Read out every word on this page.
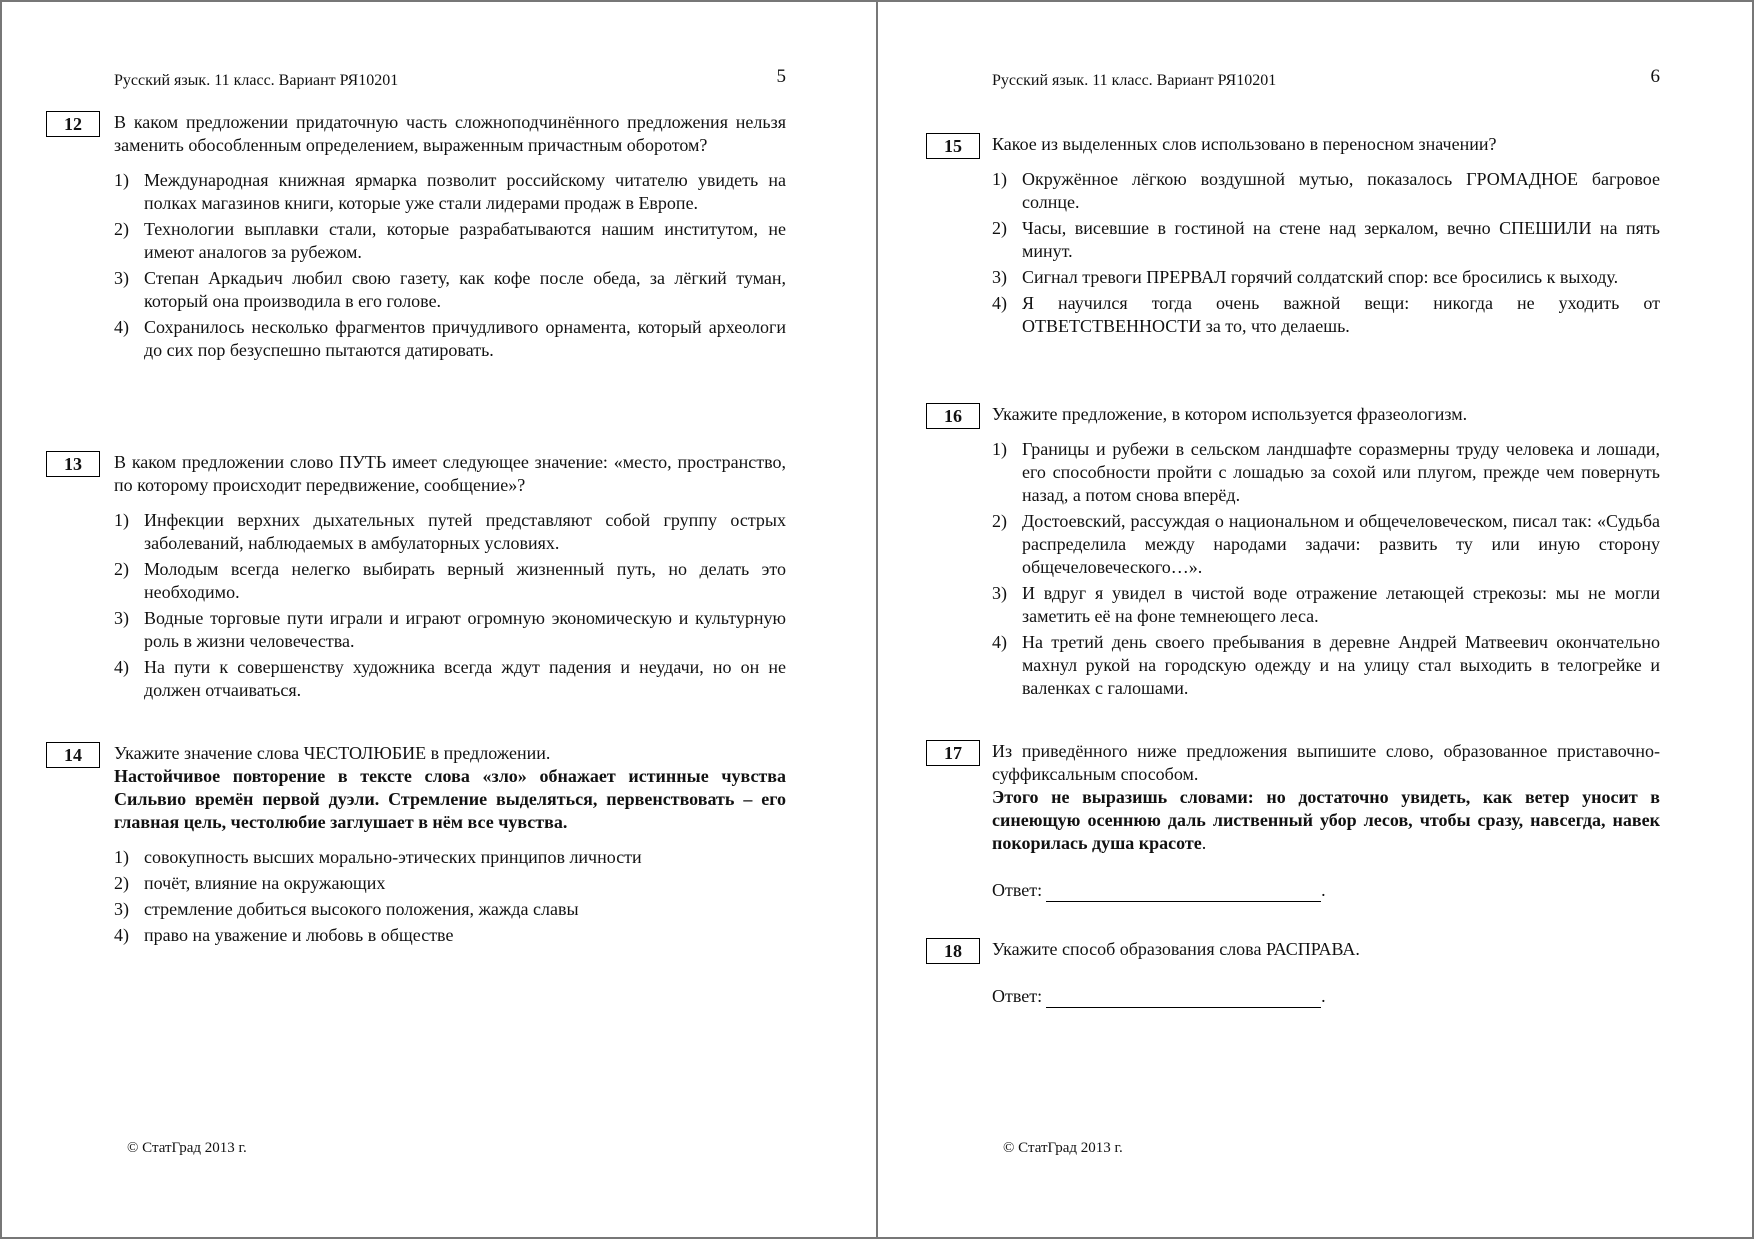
Русский язык. 11 класс. Вариант РЯ10201	5
12	В каком предложении придаточную часть сложноподчинённого предложения нельзя заменить обособленным определением, выраженным причастным оборотом?
1) Международная книжная ярмарка позволит российскому читателю увидеть на полках магазинов книги, которые уже стали лидерами продаж в Европе.
2) Технологии выплавки стали, которые разрабатываются нашим институтом, не имеют аналогов за рубежом.
3) Степан Аркадьич любил свою газету, как кофе после обеда, за лёгкий туман, который она производила в его голове.
4) Сохранилось несколько фрагментов причудливого орнамента, который археологи до сих пор безуспешно пытаются датировать.
13	В каком предложении слово ПУТЬ имеет следующее значение: «место, пространство, по которому происходит передвижение, сообщение»?
1) Инфекции верхних дыхательных путей представляют собой группу острых заболеваний, наблюдаемых в амбулаторных условиях.
2) Молодым всегда нелегко выбирать верный жизненный путь, но делать это необходимо.
3) Водные торговые пути играли и играют огромную экономическую и культурную роль в жизни человечества.
4) На пути к совершенству художника всегда ждут падения и неудачи, но он не должен отчаиваться.
14	Укажите значение слова ЧЕСТОЛЮБИЕ в предложении.
Настойчивое повторение в тексте слова «зло» обнажает истинные чувства Сильвио времён первой дуэли. Стремление выделяться, первенствовать – его главная цель, честолюбие заглушает в нём все чувства.
1) совокупность высших морально-этических принципов личности
2) почёт, влияние на окружающих
3) стремление добиться высокого положения, жажда славы
4) право на уважение и любовь в обществе
© СтатГрад 2013 г.
Русский язык. 11 класс. Вариант РЯ10201	6
15	Какое из выделенных слов использовано в переносном значении?
1) Окружённое лёгкою воздушной мутью, показалось ГРОМАДНОЕ багровое солнце.
2) Часы, висевшие в гостиной на стене над зеркалом, вечно СПЕШИЛИ на пять минут.
3) Сигнал тревоги ПРЕРВАЛ горячий солдатский спор: все бросились к выходу.
4) Я научился тогда очень важной вещи: никогда не уходить от ОТВЕТСТВЕННОСТИ за то, что делаешь.
16	Укажите предложение, в котором используется фразеологизм.
1) Границы и рубежи в сельском ландшафте соразмерны труду человека и лошади, его способности пройти с лошадью за сохой или плугом, прежде чем повернуть назад, а потом снова вперёд.
2) Достоевский, рассуждая о национальном и общечеловеческом, писал так: «Судьба распределила между народами задачи: развить ту или иную сторону общечеловеческого…».
3) И вдруг я увидел в чистой воде отражение летающей стрекозы: мы не могли заметить её на фоне темнеющего леса.
4) На третий день своего пребывания в деревне Андрей Матвеевич окончательно махнул рукой на городскую одежду и на улицу стал выходить в телогрейке и валенках с галошами.
17	Из приведённого ниже предложения выпишите слово, образованное приставочно-суффиксальным способом.
Этого не выразишь словами: но достаточно увидеть, как ветер уносит в синеющую осеннюю даль лиственный убор лесов, чтобы сразу, навсегда, навек покорилась душа красоте.
Ответ:	.
18	Укажите способ образования слова РАСПРАВА.
Ответ:	.
© СтатГрад 2013 г.
